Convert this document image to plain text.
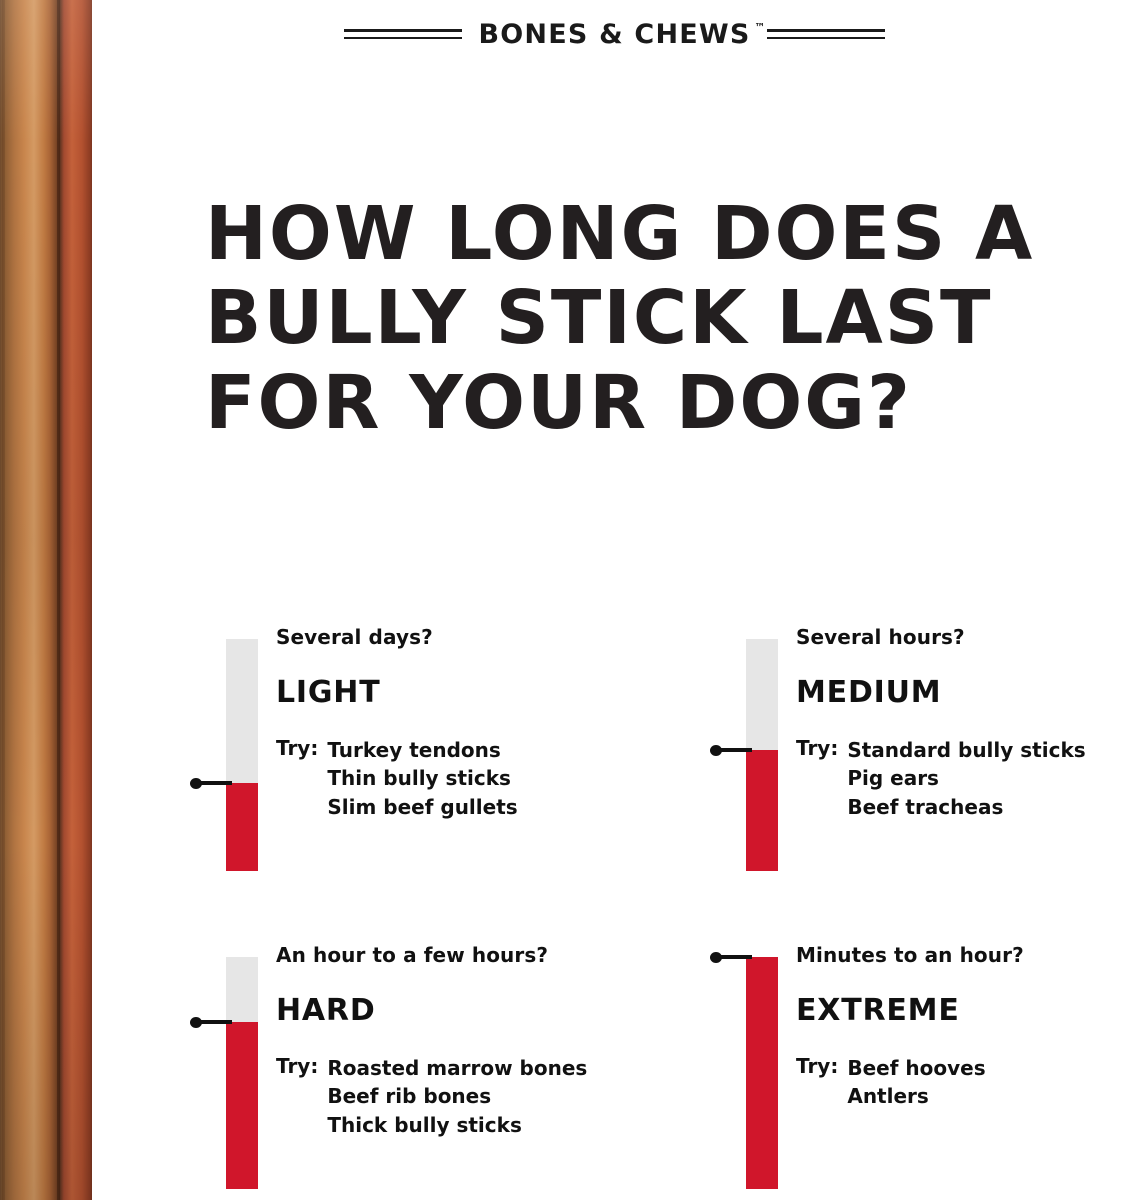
BONES & CHEWS ™
HOW LONG DOES A
BULLY STICK LAST
FOR YOUR DOG?
Several days?
LIGHT
Try: Turkey tendons
Thin bully sticks
Slim beef gullets
Several hours?
MEDIUM
Try: Standard bully sticks
Pig ears
Beef tracheas
An hour to a few hours?
HARD
Try: Roasted marrow bones
Beef rib bones
Thick bully sticks
Minutes to an hour?
EXTREME
Try: Beef hooves
Antlers
